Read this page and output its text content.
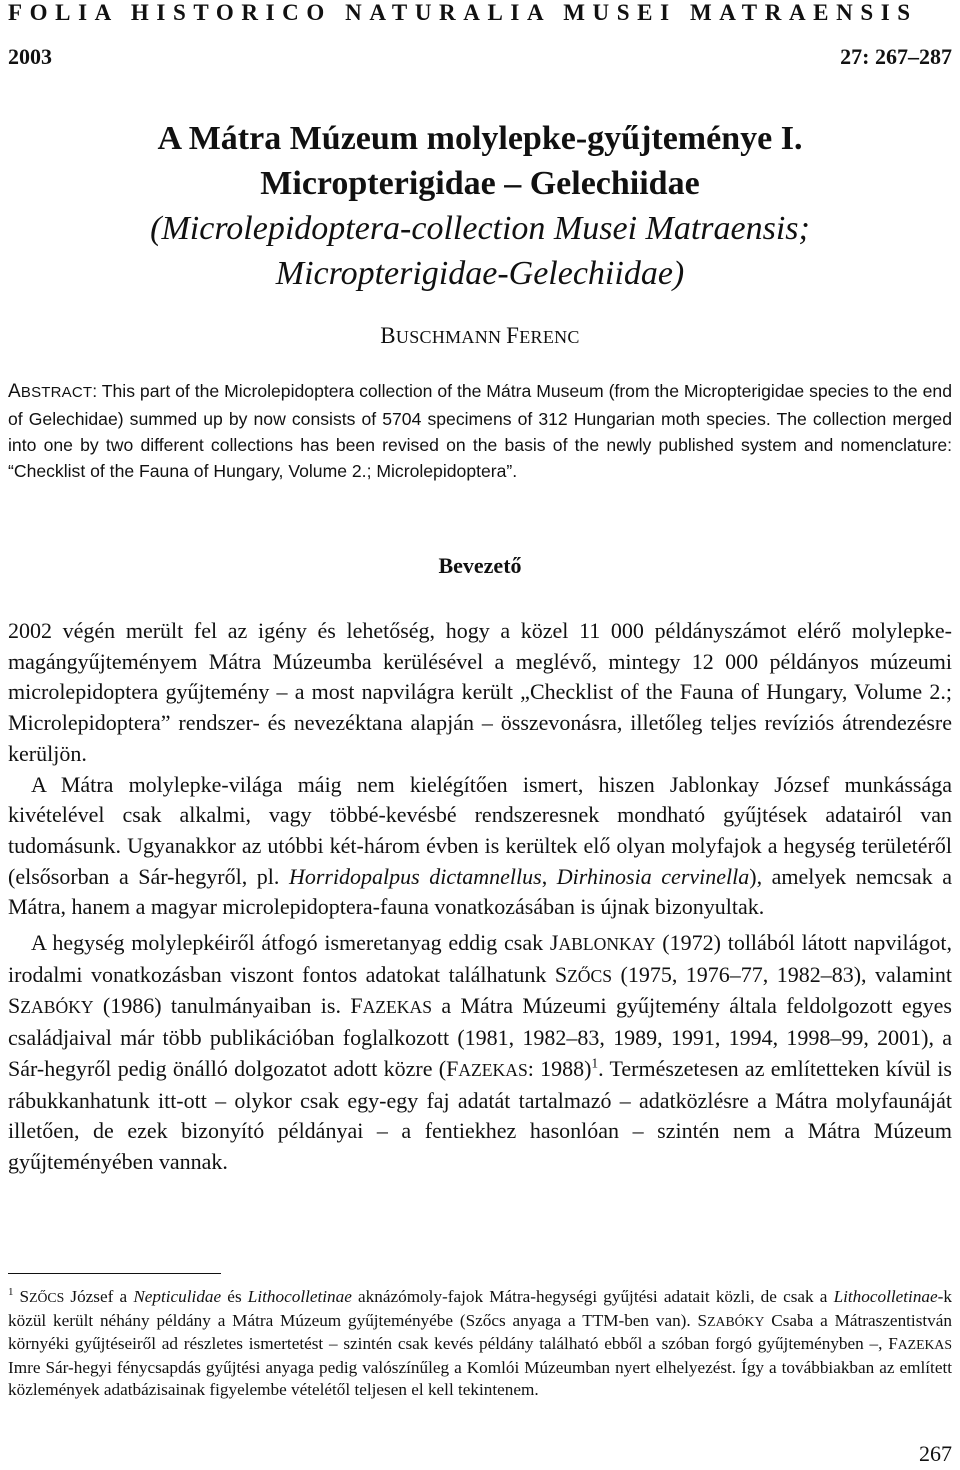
FOLIA HISTORICO NATURALIA MUSEI MATRAENSIS
2003	27: 267–287
A Mátra Múzeum molylepke-gyűjteménye I.
Micropterigidae – Gelechiidae
(Microlepidoptera-collection Musei Matraensis;
Micropterigidae-Gelechiidae)
BUSCHMANN FERENC
ABSTRACT: This part of the Microlepidoptera collection of the Mátra Museum (from the Micropterigidae species to the end of Gelechidae) summed up by now consists of 5704 specimens of 312 Hungarian moth species. The collection merged into one by two different collections has been revised on the basis of the newly published system and nomenclature: “Checklist of the Fauna of Hungary, Volume 2.; Microlepidoptera”.
Bevezető

2002 végén merült fel az igény és lehetőség, hogy a közel 11 000 példányszámot elérő molylepke-magángyűjteményem Mátra Múzeumba kerülésével a meglévő, mintegy 12 000 példányos múzeumi microlepidoptera gyűjtemény – a most napvilágra került „Checklist of the Fauna of Hungary, Volume 2.; Microlepidoptera” rendszer- és nevezéktana alapján – összevonásra, illetőleg teljes revíziós átrendezésre kerüljön.

A Mátra molylepke-világa máig nem kielégítően ismert, hiszen Jablonkay József munkássága kivételével csak alkalmi, vagy többé-kevésbé rendszeresnek mondható gyűjtések adatairól van tudomásunk. Ugyanakkor az utóbbi két-három évben is kerültek elő olyan molyfajok a hegység területéről (elsősorban a Sár-hegyről, pl. Horridopalpus dictamnellus, Dirhinosia cervinella), amelyek nemcsak a Mátra, hanem a magyar microlepidoptera-fauna vonatkozásában is újnak bizonyultak.

A hegység molylepkéiről átfogó ismeretanyag eddig csak JABLONKAY (1972) tollából látott napvilágot, irodalmi vonatkozásban viszont fontos adatokat találhatunk SZŐCS (1975, 1976–77, 1982–83), valamint SZABÓKY (1986) tanulmányaiban is. FAZEKAS a Mátra Múzeumi gyűjtemény általa feldolgozott egyes családjaival már több publikációban foglalkozott (1981, 1982–83, 1989, 1991, 1994, 1998–99, 2001), a Sár-hegyről pedig önálló dolgozatot adott közre (FAZEKAS: 1988)$^1$. Természetesen az említetteken kívül is rábukkanhatunk itt-ott – olykor csak egy-egy faj adatát tartalmazó – adatközlésre a Mátra molyfaunáját illetően, de ezek bizonyító példányai – a fentiekhez hasonlóan – szintén nem a Mátra Múzeum gyűjteményében vannak.

$^1$ SZŐCS József a Nepticulidae és Lithocolletinae aknázómoly-fajok Mátra-hegységi gyűjtési adatait közli, de csak a Lithocolletinae-k közül került néhány példány a Mátra Múzeum gyűjteményébe (Szőcs anyaga a TTM-ben van). SZABÓKY Csaba a Mátraszentistván környéki gyűjtéseiről ad részletes ismertetést – szintén csak kevés példány található ebből a szóban forgó gyűjteményben –, FAZEKAS Imre Sár-hegyi fénycsapdás gyűjtési anyaga pedig valószínűleg a Komlói Múzeumban nyert elhelyezést. Így a továbbiakban az említett közlemények adatbázisainak figyelembe vételétől teljesen el kell tekintenem.
267
